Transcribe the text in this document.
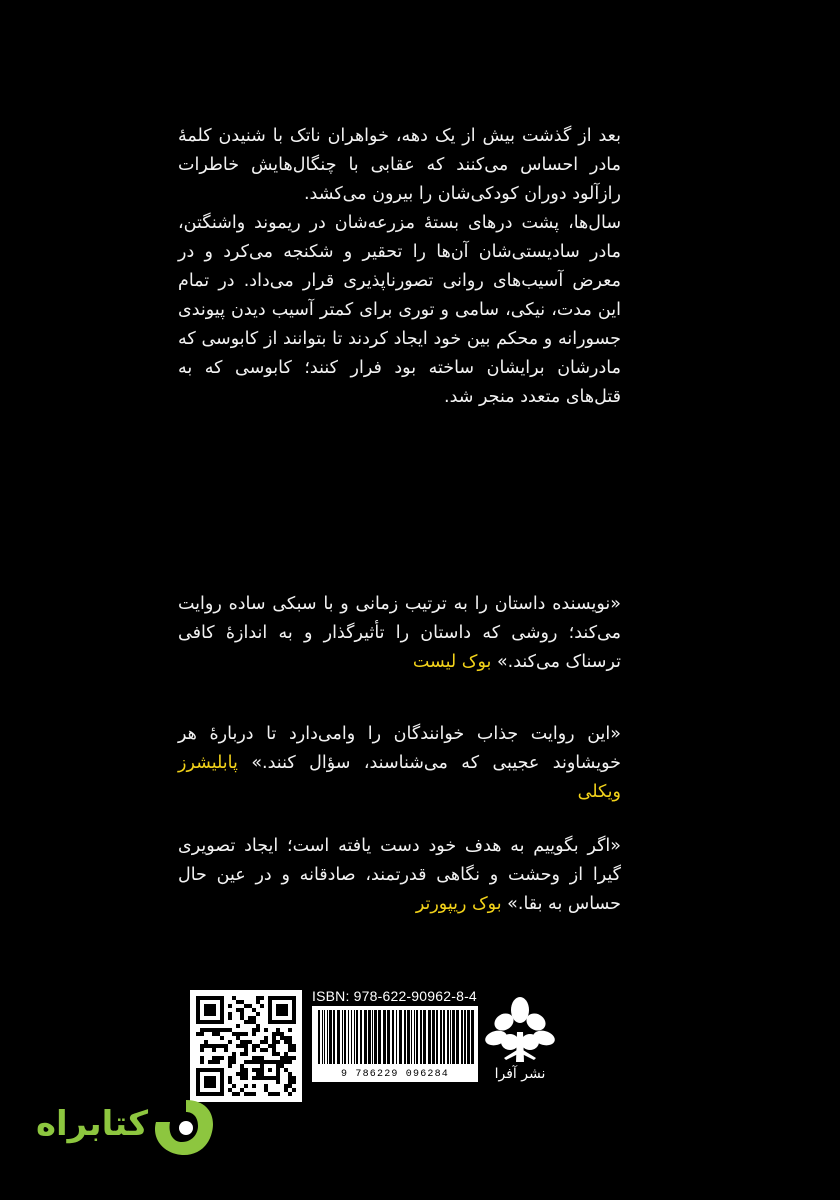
بعد از گذشت بیش از یک دهه، خواهران ناتک با شنیدن کلمهٔ مادر احساس می‌کنند که عقابی با چنگال‌هایش خاطرات رازآلود دوران کودکی‌شان را بیرون می‌کشد.

سال‌ها، پشت درهای بستهٔ مزرعه‌شان در ریموند واشنگتن، مادر سادیستی‌شان آن‌ها را تحقیر و شکنجه می‌کرد و در معرض آسیب‌های روانی تصورناپذیری قرار می‌داد. در تمام این مدت، نیکی، سامی و توری برای کمتر آسیب دیدن پیوندی جسورانه و محکم بین خود ایجاد کردند تا بتوانند از کابوسی که مادرشان برایشان ساخته بود فرار کنند؛ کابوسی که به قتل‌های متعدد منجر شد.

«نویسنده داستان را به ترتیب زمانی و با سبکی ساده روایت می‌کند؛ روشی که داستان را تأثیرگذار و به اندازهٔ کافی ترسناک می‌کند.» بوک لیست
«این روایت جذاب خوانندگان را وامی‌دارد تا دربارهٔ هر خویشاوند عجیبی که می‌شناسند، سؤال کنند.» پابلیشرز ویکلی
«اگر بگوییم به هدف خود دست یافته است؛ ایجاد تصویری گیرا از وحشت و نگاهی قدرتمند، صادقانه و در عین حال حساس به بقا.» بوک ریپورتر
ISBN: 978-622-90962-8-4
9 786229 096284	نشر آفرا
کتابراه
